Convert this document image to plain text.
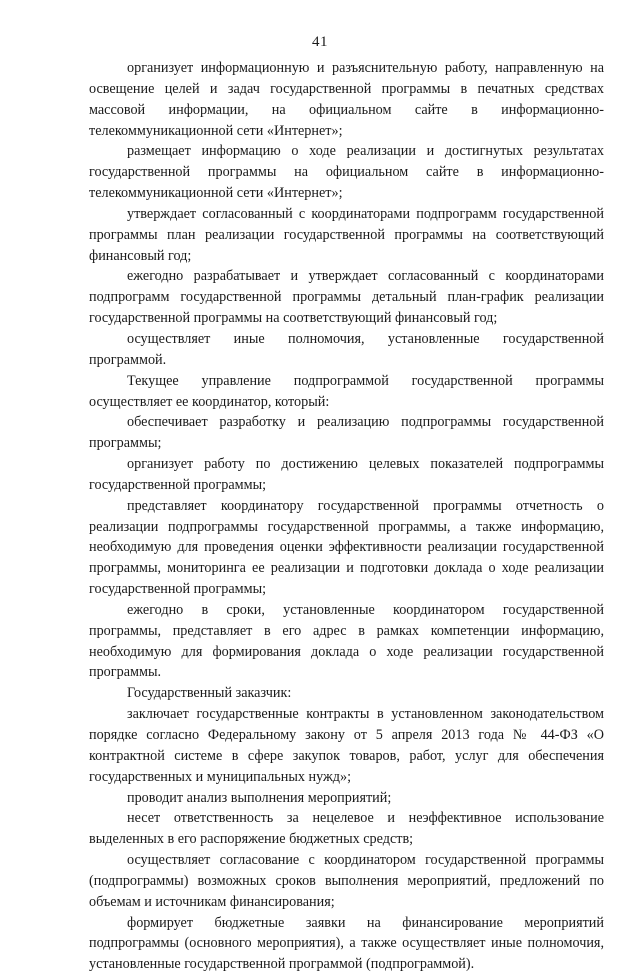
41

организует информационную и разъяснительную работу, направленную на освещение целей и задач государственной программы в печатных средствах массовой информации, на официальном сайте в информационно-телекоммуникационной сети «Интернет»;

размещает информацию о ходе реализации и достигнутых результатах государственной программы на официальном сайте в информационно-телекоммуникационной сети «Интернет»;

утверждает согласованный с координаторами подпрограмм государственной программы план реализации государственной программы на соответствующий финансовый год;

ежегодно разрабатывает и утверждает согласованный с координаторами подпрограмм государственной программы детальный план-график реализации государственной программы на соответствующий финансовый год;

осуществляет иные полномочия, установленные государственной программой.

Текущее управление подпрограммой государственной программы осуществляет ее координатор, который:

обеспечивает разработку и реализацию подпрограммы государственной программы;

организует работу по достижению целевых показателей подпрограммы государственной программы;

представляет координатору государственной программы отчетность о реализации подпрограммы государственной программы, а также информацию, необходимую для проведения оценки эффективности реализации государственной программы, мониторинга ее реализации и подготовки доклада о ходе реализации государственной программы;

ежегодно в сроки, установленные координатором государственной программы, представляет в его адрес в рамках компетенции информацию, необходимую для формирования доклада о ходе реализации государственной программы.

Государственный заказчик:

заключает государственные контракты в установленном законодательством порядке согласно Федеральному закону от 5 апреля 2013 года № 44-ФЗ «О контрактной системе в сфере закупок товаров, работ, услуг для обеспечения государственных и муниципальных нужд»;

проводит анализ выполнения мероприятий;

несет ответственность за нецелевое и неэффективное использование выделенных в его распоряжение бюджетных средств;

осуществляет согласование с координатором государственной программы (подпрограммы) возможных сроков выполнения мероприятий, предложений по объемам и источникам финансирования;

формирует бюджетные заявки на финансирование мероприятий подпрограммы (основного мероприятия), а также осуществляет иные полномочия, установленные государственной программой (подпрограммой).
